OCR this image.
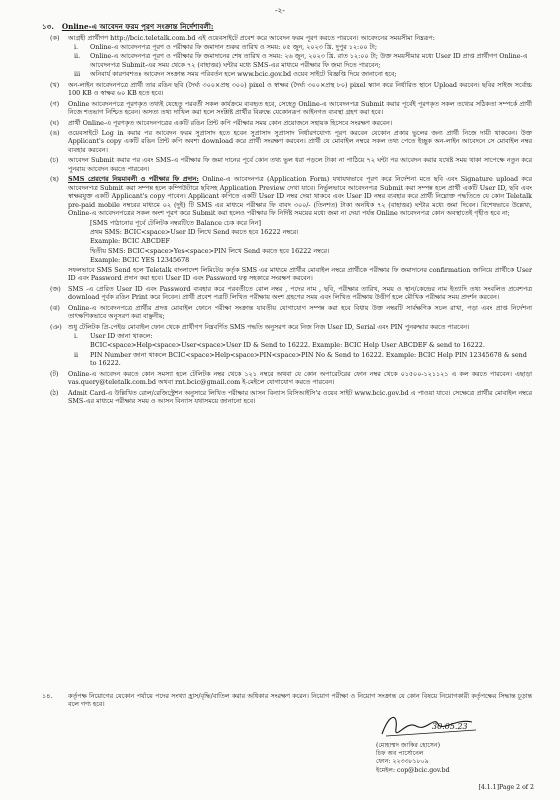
-২-
১৩. Online-এ আবেদন ফরম পূরণ সংক্রান্ত নির্দেশাবলী:
(ক)	আগ্রহী প্রার্থীগণ http://bcic.teletalk.com.bd এই ওয়েবসাইটে প্রবেশ করে আবেদন ফরম পূরণ করতে পারবেন। আবেদনের সময়সীমা নিম্নরূপ:
i.	Online-এ আবেদনপত্র পূরণ ও পরীক্ষার ফি জমাদান শুরুর তারিখ ও সময়: ০৫ জুন, ২০২৩ খ্রি. দুপুর ১২:০০ টা;
ii.	Online-এ আবেদনপত্র পূরণ ও পরীক্ষার ফি জমাদানের শেষ তারিখ ও সময়: ২৬ জুন, ২০২৩ খ্রি. রাত ১২:০০ টা; উক্ত সময়সীমার মধ্যে User ID প্রাপ্ত প্রার্থীগণ Online-এ আবেদনপত্র Submit-এর সময় থেকে ৭২ (বাহাত্তর) ঘন্টার মধ্যে SMS-এর মাধ্যমে পরীক্ষার ফি জমা দিতে পারবেন;
iii	অনিবার্য কারণবশতঃ আবেদন সংক্রান্ত সময় পরিবর্তন হলে www.bcic.gov.bd ওয়েব সাইটে বিজ্ঞপ্তি দিয়ে জানানো হবে;
(খ)	অন-লাইন আবেদনপত্রে প্রার্থী তার রঙিন ছবি (দৈর্ঘ্য ৩০০×প্রস্থ ৩০০) pixel ও স্বাক্ষর (দৈর্ঘ্য ৩০০×প্রস্থ ৮০) pixel স্ক্যান করে নির্ধারিত স্থানে Upload করবেন। ছবির সাইজ সর্বোচ্চ 100 KB ও স্বাক্ষর ৬০ KB হতে হবে।
(গ)	Online আবেদনপত্রে পূরণকৃত তথ্যই যেহেতু পরবর্তী সকল কার্যক্রমে ব্যবহৃত হবে, সেহেতু Online-এ আবেদনপত্র Submit করার পূর্বেই পূরণকৃত সকল তথ্যের সঠিকতা সম্পর্কে প্রার্থী নিজে শতভাগ নিশ্চিত হবেন। অসত্য তথ্য দাখিল করা হলে সংশ্লিষ্ট প্রার্থীর বিরুদ্ধে যেকোনরূপ আইনগত ব্যবস্থা গ্রহণ করা হবে।
(ঘ)	প্রার্থী Online-এ পূরণকৃত আবেদনপত্রের একটি রঙিন প্রিন্ট কপি পরীক্ষার সময় কোন প্রয়োজনে সহায়ক হিসেবে সংরক্ষণ করবেন।
(ঙ)	ওয়েবসাইটে Log in করার পর আবেদন ফরম সুপ্রাসাদ হতে হবেন সুপ্রাসাদ সুপ্রাসাদ নির্ধারণযোগ্য পূরণ করবেন যেকোন প্রকার ভুলের জন্য প্রার্থী নিজে দায়ী থাকবেন। উক্ত Applicant's copy একটি রঙিন প্রিন্ট কপি অবশ্য download করে প্রার্থী সংরক্ষণ করবেন। প্রার্থী যে মোবাইল নম্বরে সকল তথ্য পেতে ইচ্ছুক অন-লাইন আবেদনে সে মোবাইল নম্বর ব্যবহার করবেন।
(চ)	আবেদন Submit করার পর এবং SMS-এ পরীক্ষার ফি জমা দানের পূর্বে কোন তথ্য ভুল ধরা পড়লে টাকা না পাঠিয়ে ৭২ ঘন্টা পর আবেদন করার যথেষ্ট সময় থাকা সাপেক্ষে নতুন করে পুনরায় আবেদন করতে পারবেন।
(ছ)	SMS প্রেরণের নিয়মাবলী ও পরীক্ষার ফি প্রদান: Online-এ আবেদনপত্র (Application Form) যথাযথভাবে পূরণ করে নির্দেশনা মতে ছবি এবং Signature upload করে আবেদনপত্র Submit করা সম্পন্ন হলে কম্পিউটারে ছবিসহ Application Preview দেখা যাবে। নির্ভুলভাবে আবেদনপত্র Submit করা সম্পন্ন হলে প্রার্থী একটি User ID, ছবি এবং স্বাক্ষরযুক্ত একটি Applicant's copy পাবেন। Applicant কপিতে একটি User ID নম্বর দেয়া থাকবে এবং User ID নম্বর ব্যবহার করে প্রার্থী নিম্নোক্ত পদ্ধতিতে যে কোন Teletalk pre-paid mobile নম্বরের মাধ্যমে ০২ (দুই) টি SMS এর মাধ্যমে পরীক্ষার ফি বাবদ ৩০০/- (তিনশত) টাকা অনধিক ৭২ (বাহাত্তর) ঘন্টার মধ্যে জমা দিবেন। বিশেষভাবে উল্লেখ্য, Online-এ আবেদনপত্রের সকল অংশ পূরণ করে Submit করা হলেও পরীক্ষার ফি নির্দিষ্ট সময়ের মধ্যে জমা না দেয়া পর্যন্ত Online আবেদনপত্র কোন অবস্থাতেই গৃহীত হবে না;
[SMS পাঠানোর পূর্বে টেলিটক নম্বরটিতে Balance চেক করে নিন]
প্রথম SMS: BCIC<space>User ID লিখে Send করতে হবে 16222 নম্বরে।
Example: BCIC ABCDEF
দ্বিতীয় SMS: BCIC<space>Yes<space>PIN লিখে Send করতে হবে 16222 নম্বরে।
Example: BCIC YES 12345678
সফলভাবে SMS Send হলে Teletalk বাংলাদেশ লিমিটেড কর্তৃক SMS এর মাধ্যমে প্রার্থীর মোবাইল নম্বরে প্রার্থীকে পরীক্ষার ফি জমাদানের confirmation জানিয়ে প্রার্থীকে User ID এবং Password প্রদান করা হবে। User ID এবং Password যত্ন সহকারে সংরক্ষণ করবেন।
(জ)	SMS -এ প্রেরিত User ID এবং Password ব্যবহার করে পরবর্তীতে রোল নম্বর , পদের নাম , ছবি, পরীক্ষার তারিখ, সময় ও স্থান/কেন্দ্রের নাম ইত্যাদি তথ্য সংবলিত প্রবেশপত্র download পূর্বক রঙিন Print করে নিবেন। প্রার্থী প্রবেশ পত্রটি লিখিত পরীক্ষায় অংশ গ্রহণের সময় এবং লিখিত পরীক্ষায় উত্তীর্ণ হলে মৌখিক পরীক্ষার সময় প্রদর্শন করবেন।
(ঝ)	Online-এ আবেদনপত্রে প্রার্থীর প্রদত্ত মোবাইল ফোনে পরীক্ষা সংক্রান্ত যাবতীয় যোগাযোগ সম্পন্ন করা হবে বিধায় উক্ত নম্বরটি সার্বক্ষণিক সচল রাখা, পড়া এবং প্রাপ্ত নির্দেশনা তাৎক্ষণিকভাবে অনুসরণ করা বাঞ্ছনীয়;
(ঞ) শুধু টেলিটক প্রি-পেইড মোবাইল ফোন থেকে প্রার্থীগণ নিম্নবর্ণিত SMS পদ্ধতি অনুসরণ করে নিজ নিজ User ID, Serial এবং PIN পুনরুদ্ধার করতে পারবেন।
i.	User ID জানা থাকলে:
BCIC<space>Help<space>User<space>User ID & Send to 16222. Example: BCIC Help User ABCDEF & send to 16222.
ii	PIN Number জানা থাকলে BCIC<space>Help<space>PIN<space>PIN No & Send to 16222. Example: BCIC Help PIN 12345678 & send to 16222.
(ট)	Online-এ আবেদন করতে কোন সমস্যা হলে টেলিটক নম্বর থেকে ১২১ নম্বরে অথবা যে কোন অপারেটরের ফোন নম্বর থেকে ০১৫০০-১২১১২১ এ কল করতে পারবেন। এছাড়া vas.query@teletalk.com.bd অথবা rnt.bcic@gmail.com ই-মেইলে যোগাযোগ করতে পারবেন।
(ঠ)	Admit Card-এ উল্লিখিত রোল/রেজিস্ট্রেশন অনুসারে লিখিত পরীক্ষার আসন বিন্যাস বিসিআইসি'র ওয়েব সাইট www.bcic.gov.bd এ পাওয়া যাবে। সেক্ষেত্রে প্রার্থীর মোবাইল নম্বরে SMS-এর মাধ্যমে পরীক্ষার সময় ও আসন বিন্যাস যথাসময়ে জানানো হবে।
১৪.	কর্তৃপক্ষ নিয়োগের যেকোন পর্যায়ে পদের সংখ্যা হ্রাস/বৃদ্ধি/বাতিল করার অধিকার সংরক্ষণ করেন। নিয়োগ পরীক্ষা ও নিয়োগ সংক্রান্ত যে কোন বিষয়ে নিয়োগকারী কর্তৃপক্ষের সিদ্ধান্ত চূড়ান্ত বলে গণ্য হবে।
30.05.23
(মোহাম্মদ জাকির হোসেন)
চিফ অব পার্সোনেল
ফোন: ২২৩৩৮১৮০৯
ইমেইল: cop@bcic.gov.bd
[4.1.1]Page 2 of 2
